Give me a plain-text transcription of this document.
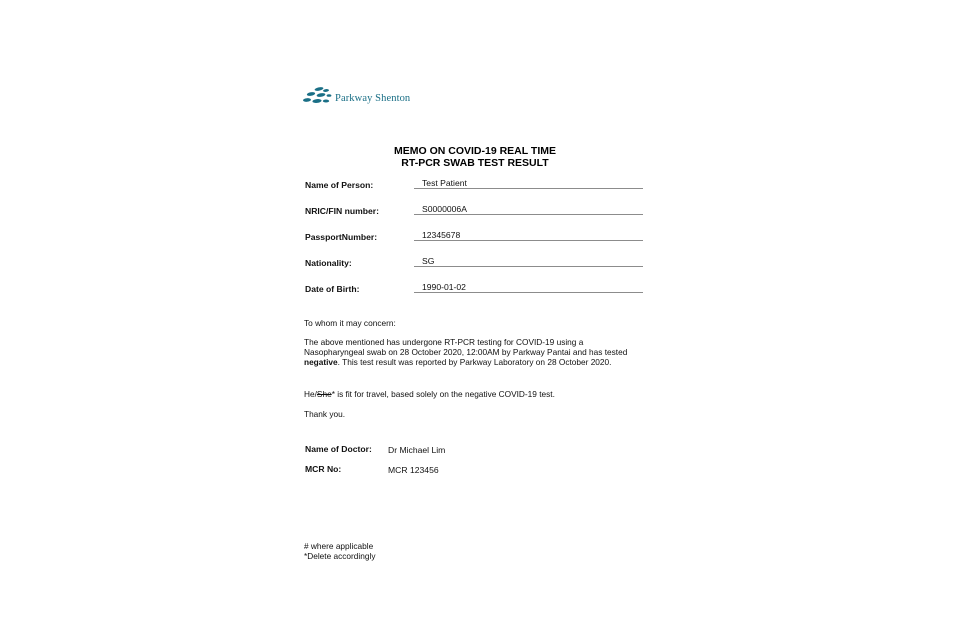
Parkway Shenton
MEMO ON COVID-19 REAL TIME
RT-PCR SWAB TEST RESULT
Name of Person:	Test Patient
NRIC/FIN number:	S0000006A
PassportNumber:	12345678
Nationality:	SG
Date of Birth:	1990-01-02
To whom it may concern:
The above mentioned has undergone RT-PCR testing for COVID-19 using a Nasopharyngeal swab on 28 October 2020, 12:00AM by Parkway Pantai and has tested negative. This test result was reported by Parkway Laboratory on 28 October 2020.
He/She* is fit for travel, based solely on the negative COVID-19 test.
Thank you.
Name of Doctor: Dr Michael Lim
MCR No:	MCR 123456
# where applicable
*Delete accordingly
